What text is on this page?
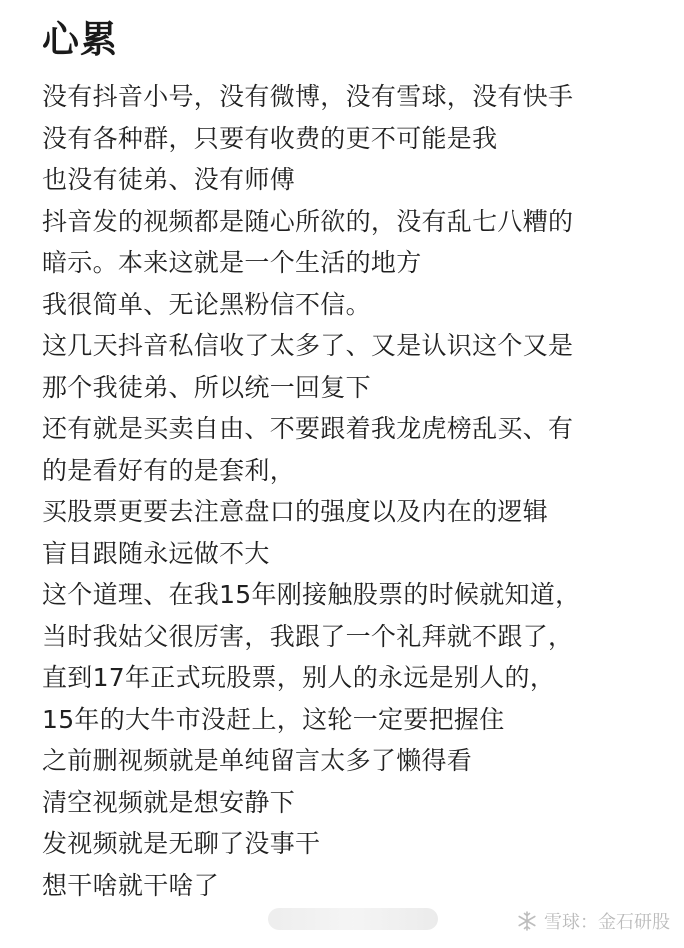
心累
没有抖音小号，没有微博，没有雪球，没有快手
没有各种群，只要有收费的更不可能是我
也没有徒弟、没有师傅
抖音发的视频都是随心所欲的，没有乱七八糟的
暗示。本来这就是一个生活的地方
我很简单、无论黑粉信不信。
这几天抖音私信收了太多了、又是认识这个又是
那个我徒弟、所以统一回复下
还有就是买卖自由、不要跟着我龙虎榜乱买、有
的是看好有的是套利，
买股票更要去注意盘口的强度以及内在的逻辑
盲目跟随永远做不大
这个道理、在我15年刚接触股票的时候就知道，
当时我姑父很厉害，我跟了一个礼拜就不跟了，
直到17年正式玩股票，别人的永远是别人的，
15年的大牛市没赶上，这轮一定要把握住
之前删视频就是单纯留言太多了懒得看
清空视频就是想安静下
发视频就是无聊了没事干
想干啥就干啥了
雪球：金石研股
